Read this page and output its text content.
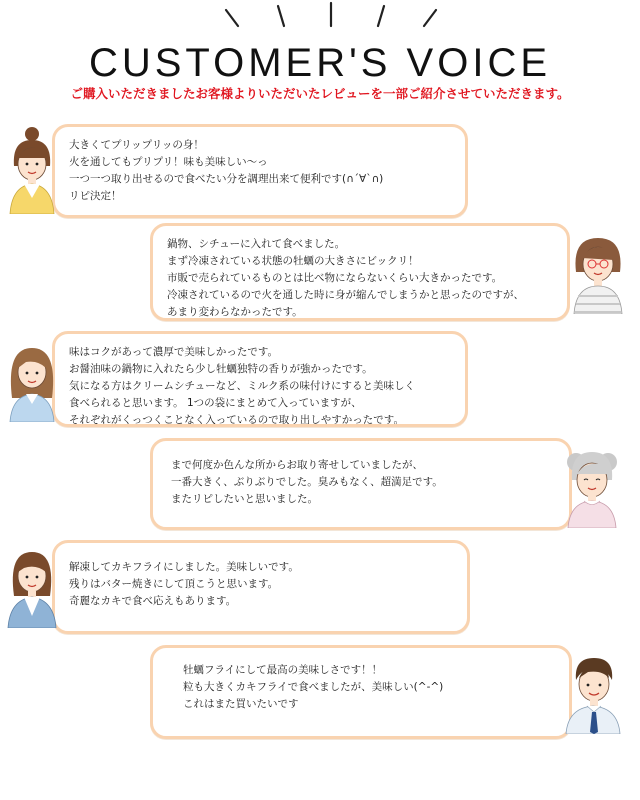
CUSTOMER'S VOICE
ご購入いただきましたお客様よりいただいたレビューを一部ご紹介させていただきます。

大きくてプリップリッの身！

火を通してもプリプリ！味も美味しい〜っ

一つ一つ取り出せるので食べたい分を調理出来て便利です(∩´∀`∩)

リピ決定！

鍋物、シチューに入れて食べました。

まず冷凍されている状態の牡蠣の大きさにビックリ！

市販で売られているものとは比べ物にならないくらい大きかったです。

冷凍されているので火を通した時に身が縮んでしまうかと思ったのですが、

あまり変わらなかったです。

味はコクがあって濃厚で美味しかったです。

お醤油味の鍋物に入れたら少し牡蠣独特の香りが強かったです。

気になる方はクリームシチューなど、ミルク系の味付けにすると美味しく

食べられると思います。 1つの袋にまとめて入っていますが、

それぞれがくっつくことなく入っているので取り出しやすかったです。

まで何度か色んな所からお取り寄せしていましたが、

一番大きく、ぶりぶりでした。臭みもなく、超満足です。

またリピしたいと思いました。

解凍してカキフライにしました。美味しいです。

残りはバター焼きにして頂こうと思います。

奇麗なカキで食べ応えもあります。

牡蠣フライにして最高の美味しさです！！

粒も大きくカキフライで食べましたが、美味しい(^-^)

これはまた買いたいです
